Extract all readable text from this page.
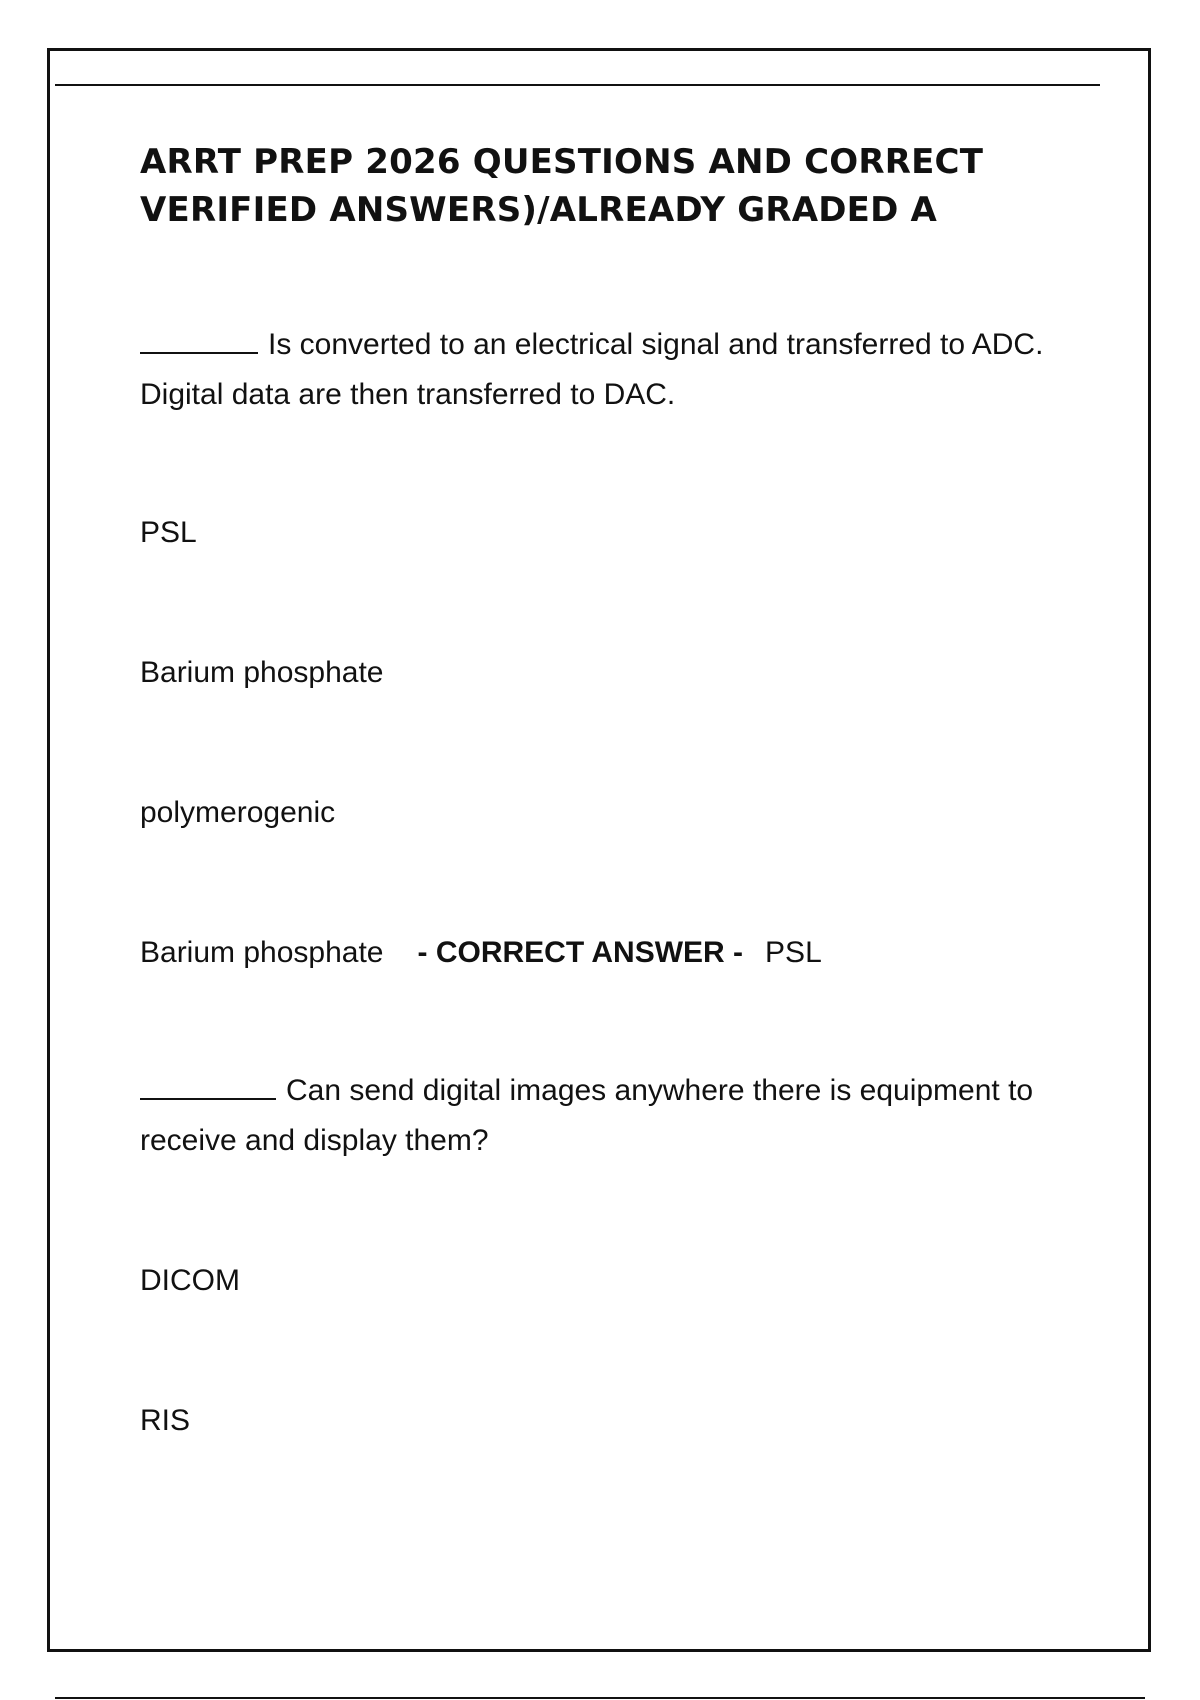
ARRT PREP 2026 QUESTIONS AND CORRECT VERIFIED ANSWERS)/ALREADY GRADED A

Is converted to an electrical signal and transferred to ADC. Digital data are then transferred to DAC.

PSL

Barium phosphate

polymerogenic

Barium phosphate - CORRECT ANSWER - PSL

Can send digital images anywhere there is equipment to receive and display them?

DICOM

RIS
